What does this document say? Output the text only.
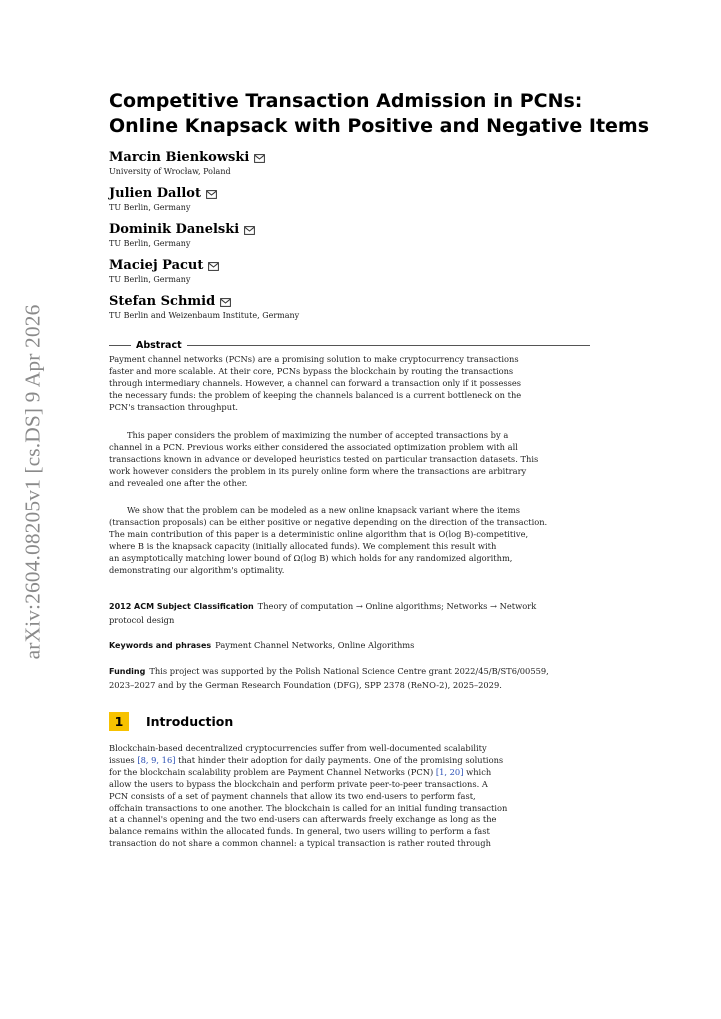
arXiv:2604.08205v1 [cs.DS] 9 Apr 2026
Competitive Transaction Admission in PCNs:
Online Knapsack with Positive and Negative Items
Marcin Bienkowski
University of Wrocław, Poland
Julien Dallot
TU Berlin, Germany
Dominik Danelski
TU Berlin, Germany
Maciej Pacut
TU Berlin, Germany
Stefan Schmid
TU Berlin and Weizenbaum Institute, Germany
Abstract

Payment channel networks (PCNs) are a promising solution to make cryptocurrency transactions
faster and more scalable. At their core, PCNs bypass the blockchain by routing the transactions
through intermediary channels. However, a channel can forward a transaction only if it possesses
the necessary funds: the problem of keeping the channels balanced is a current bottleneck on the
PCN's transaction throughput.

This paper considers the problem of maximizing the number of accepted transactions by a
channel in a PCN. Previous works either considered the associated optimization problem with all
transactions known in advance or developed heuristics tested on particular transaction datasets. This
work however considers the problem in its purely online form where the transactions are arbitrary
and revealed one after the other.

We show that the problem can be modeled as a new online knapsack variant where the items
(transaction proposals) can be either positive or negative depending on the direction of the transaction.
The main contribution of this paper is a deterministic online algorithm that is O(log B)-competitive,
where B is the knapsack capacity (initially allocated funds). We complement this result with
an asymptotically matching lower bound of Ω(log B) which holds for any randomized algorithm,
demonstrating our algorithm's optimality.

2012 ACM Subject Classification Theory of computation → Online algorithms; Networks → Network
protocol design

Keywords and phrases Payment Channel Networks, Online Algorithms

Funding This project was supported by the Polish National Science Centre grant 2022/45/B/ST6/00559,
2023–2027 and by the German Research Foundation (DFG), SPP 2378 (ReNO-2), 2025–2029.

1	Introduction

Blockchain-based decentralized cryptocurrencies suffer from well-documented scalability
issues [8, 9, 16] that hinder their adoption for daily payments. One of the promising solutions
for the blockchain scalability problem are Payment Channel Networks (PCN) [1, 20] which
allow the users to bypass the blockchain and perform private peer-to-peer transactions. A
PCN consists of a set of payment channels that allow its two end-users to perform fast,
offchain transactions to one another. The blockchain is called for an initial funding transaction
at a channel's opening and the two end-users can afterwards freely exchange as long as the
balance remains within the allocated funds. In general, two users willing to perform a fast
transaction do not share a common channel: a typical transaction is rather routed through
